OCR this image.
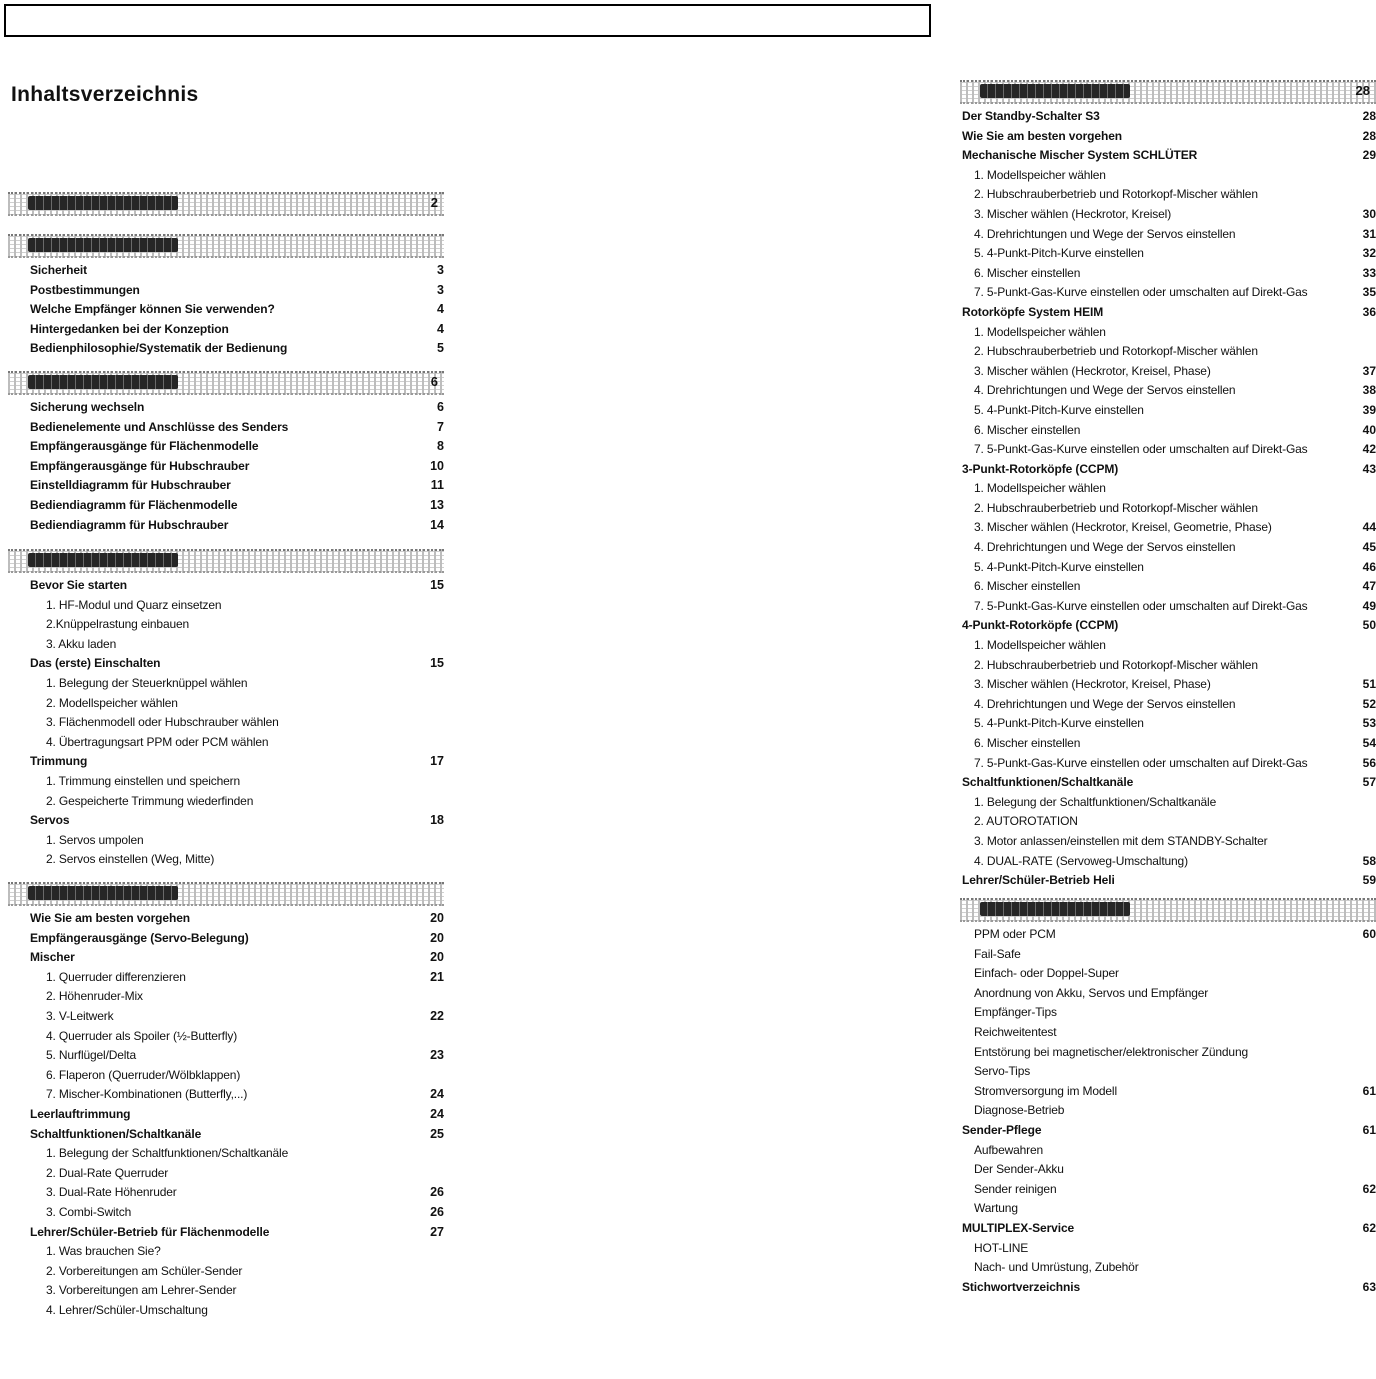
Inhaltsverzeichnis
2
Sicherheit	3
Postbestimmungen	3
Welche Empfänger können Sie verwenden?	4
Hintergedanken bei der Konzeption	4
Bedienphilosophie/Systematik der Bedienung	5
6
Sicherung wechseln	6
Bedienelemente und Anschlüsse des Senders	7
Empfängerausgänge für Flächenmodelle	8
Empfängerausgänge für Hubschrauber	10
Einstelldiagramm für Hubschrauber	11
Bediendiagramm für Flächenmodelle	13
Bediendiagramm für Hubschrauber	14
Bevor Sie starten	15
1. HF-Modul und Quarz einsetzen
2.Knüppelrastung einbauen
3. Akku laden
Das (erste) Einschalten	15
1. Belegung der Steuerknüppel wählen
2. Modellspeicher wählen
3. Flächenmodell oder Hubschrauber wählen
4. Übertragungsart PPM oder PCM wählen
Trimmung	17
1. Trimmung einstellen und speichern
2. Gespeicherte Trimmung wiederfinden
Servos	18
1. Servos umpolen
2. Servos einstellen (Weg, Mitte)
Wie Sie am besten vorgehen	20
Empfängerausgänge (Servo-Belegung)	20
Mischer	20
1. Querruder differenzieren	21
2. Höhenruder-Mix
3. V-Leitwerk	22
4. Querruder als Spoiler (½-Butterfly)
5. Nurflügel/Delta	23
6. Flaperon (Querruder/Wölbklappen)
7. Mischer-Kombinationen (Butterfly,...)	24
Leerlauftrimmung	24
Schaltfunktionen/Schaltkanäle	25
1. Belegung der Schaltfunktionen/Schaltkanäle
2. Dual-Rate Querruder
3. Dual-Rate Höhenruder	26
3. Combi-Switch	26
Lehrer/Schüler-Betrieb für Flächenmodelle	27
1. Was brauchen Sie?
2. Vorbereitungen am Schüler-Sender
3. Vorbereitungen am Lehrer-Sender
4. Lehrer/Schüler-Umschaltung
28
Der Standby-Schalter S3	28
Wie Sie am besten vorgehen	28
Mechanische Mischer System SCHLÜTER	29
1. Modellspeicher wählen
2. Hubschrauberbetrieb und Rotorkopf-Mischer wählen
3. Mischer wählen (Heckrotor, Kreisel)	30
4. Drehrichtungen und Wege der Servos einstellen	31
5. 4-Punkt-Pitch-Kurve einstellen	32
6. Mischer einstellen	33
7. 5-Punkt-Gas-Kurve einstellen oder umschalten auf Direkt-Gas	35
Rotorköpfe System HEIM	36
1. Modellspeicher wählen
2. Hubschrauberbetrieb und Rotorkopf-Mischer wählen
3. Mischer wählen (Heckrotor, Kreisel, Phase)	37
4. Drehrichtungen und Wege der Servos einstellen	38
5. 4-Punkt-Pitch-Kurve einstellen	39
6. Mischer einstellen	40
7. 5-Punkt-Gas-Kurve einstellen oder umschalten auf Direkt-Gas	42
3-Punkt-Rotorköpfe (CCPM)	43
1. Modellspeicher wählen
2. Hubschrauberbetrieb und Rotorkopf-Mischer wählen
3. Mischer wählen (Heckrotor, Kreisel, Geometrie, Phase)	44
4. Drehrichtungen und Wege der Servos einstellen	45
5. 4-Punkt-Pitch-Kurve einstellen	46
6. Mischer einstellen	47
7. 5-Punkt-Gas-Kurve einstellen oder umschalten auf Direkt-Gas	49
4-Punkt-Rotorköpfe (CCPM)	50
1. Modellspeicher wählen
2. Hubschrauberbetrieb und Rotorkopf-Mischer wählen
3. Mischer wählen (Heckrotor, Kreisel, Phase)	51
4. Drehrichtungen und Wege der Servos einstellen	52
5. 4-Punkt-Pitch-Kurve einstellen	53
6. Mischer einstellen	54
7. 5-Punkt-Gas-Kurve einstellen oder umschalten auf Direkt-Gas	56
Schaltfunktionen/Schaltkanäle	57
1. Belegung der Schaltfunktionen/Schaltkanäle
2. AUTOROTATION
3. Motor anlassen/einstellen mit dem STANDBY-Schalter
4. DUAL-RATE (Servoweg-Umschaltung)	58
Lehrer/Schüler-Betrieb Heli	59
PPM oder PCM	60
Fail-Safe
Einfach- oder Doppel-Super
Anordnung von Akku, Servos und Empfänger
Empfänger-Tips
Reichweitentest
Entstörung bei magnetischer/elektronischer Zündung
Servo-Tips
Stromversorgung im Modell	61
Diagnose-Betrieb
Sender-Pflege	61
Aufbewahren
Der Sender-Akku
Sender reinigen	62
Wartung
MULTIPLEX-Service	62
HOT-LINE
Nach- und Umrüstung, Zubehör
Stichwortverzeichnis	63
